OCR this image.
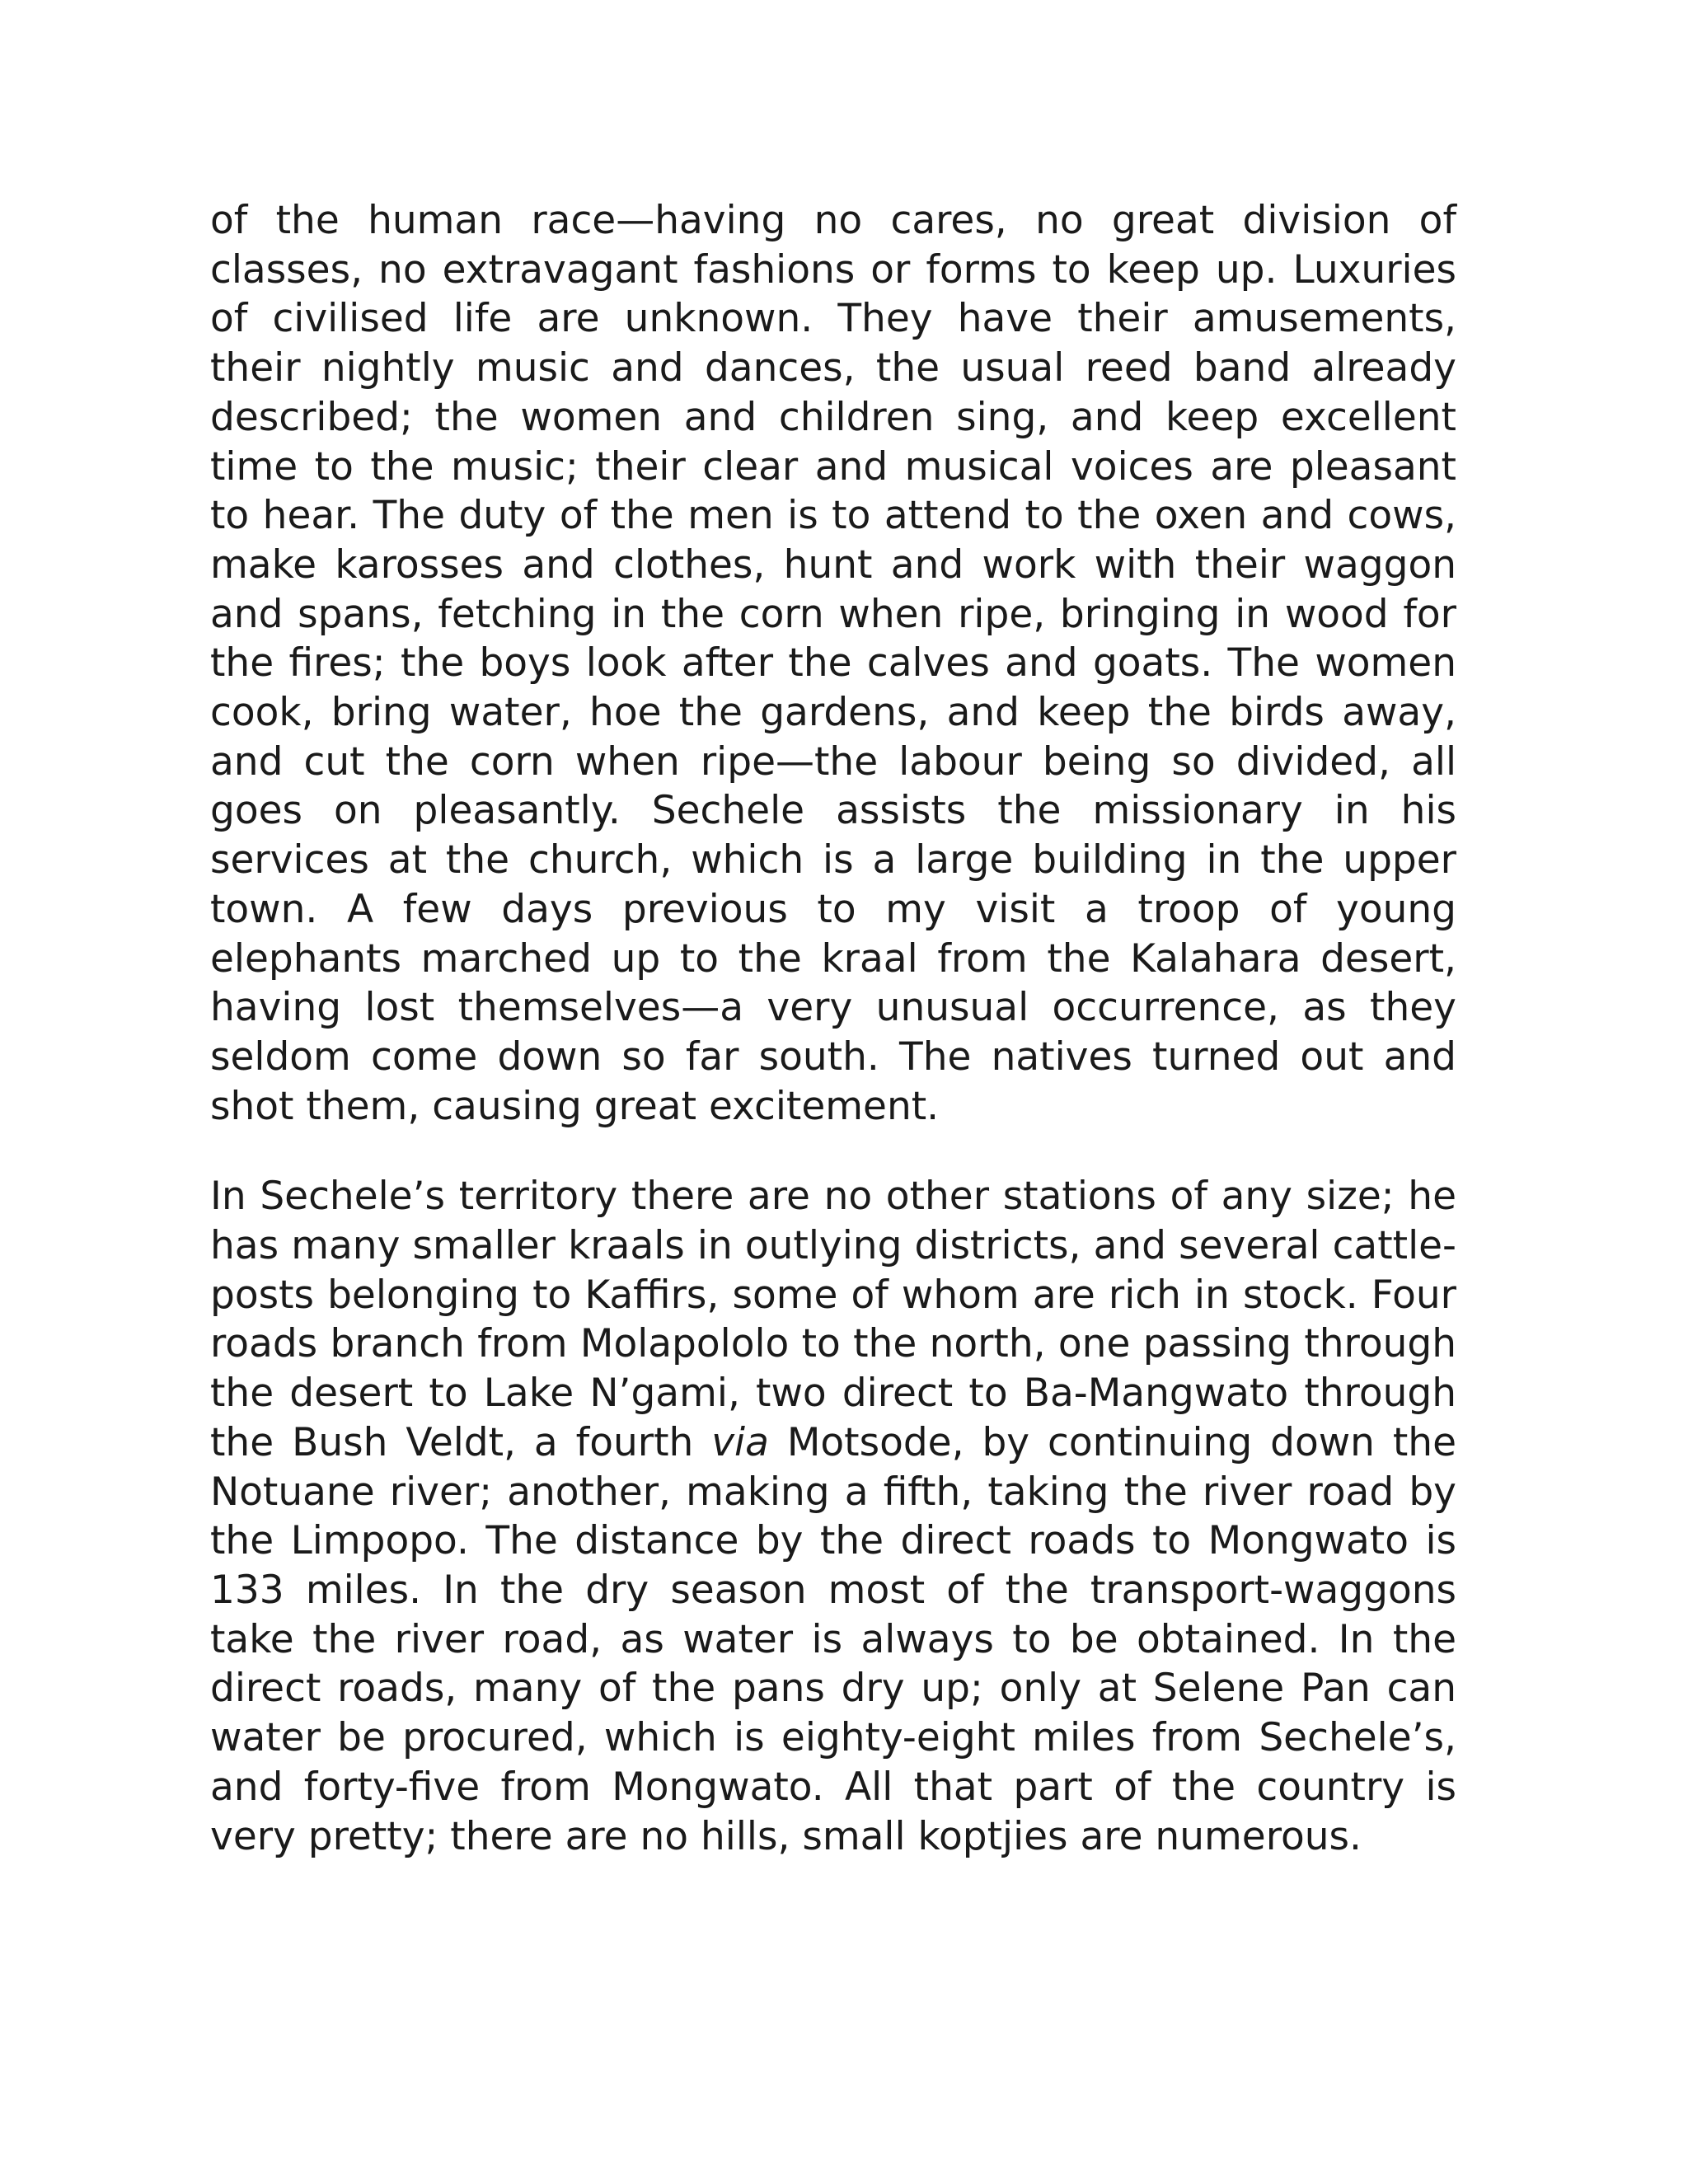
of the human race—having no cares, no great division of classes, no extravagant fashions or forms to keep up. Luxuries of civilised life are unknown. They have their amusements, their nightly music and dances, the usual reed band already described; the women and children sing, and keep excellent time to the music; their clear and musical voices are pleasant to hear. The duty of the men is to attend to the oxen and cows, make karosses and clothes, hunt and work with their waggon and spans, fetching in the corn when ripe, bringing in wood for the fires; the boys look after the calves and goats. The women cook, bring water, hoe the gardens, and keep the birds away, and cut the corn when ripe—the labour being so divided, all goes on pleasantly. Sechele assists the missionary in his services at the church, which is a large building in the upper town. A few days previous to my visit a troop of young elephants marched up to the kraal from the Kalahara desert, having lost themselves—a very unusual occurrence, as they seldom come down so far south. The natives turned out and shot them, causing great excitement.

In Sechele’s territory there are no other stations of any size; he has many smaller kraals in outlying districts, and several cattle-posts belonging to Kaffirs, some of whom are rich in stock. Four roads branch from Molapololo to the north, one passing through the desert to Lake N’gami, two direct to Ba-Mangwato through the Bush Veldt, a fourth via Motsode, by continuing down the Notuane river; another, making a fifth, taking the river road by the Limpopo. The distance by the direct roads to Mongwato is 133 miles. In the dry season most of the transport-waggons take the river road, as water is always to be obtained. In the direct roads, many of the pans dry up; only at Selene Pan can water be procured, which is eighty-eight miles from Sechele’s, and forty-five from Mongwato. All that part of the country is very pretty; there are no hills, small koptjies are numerous.
